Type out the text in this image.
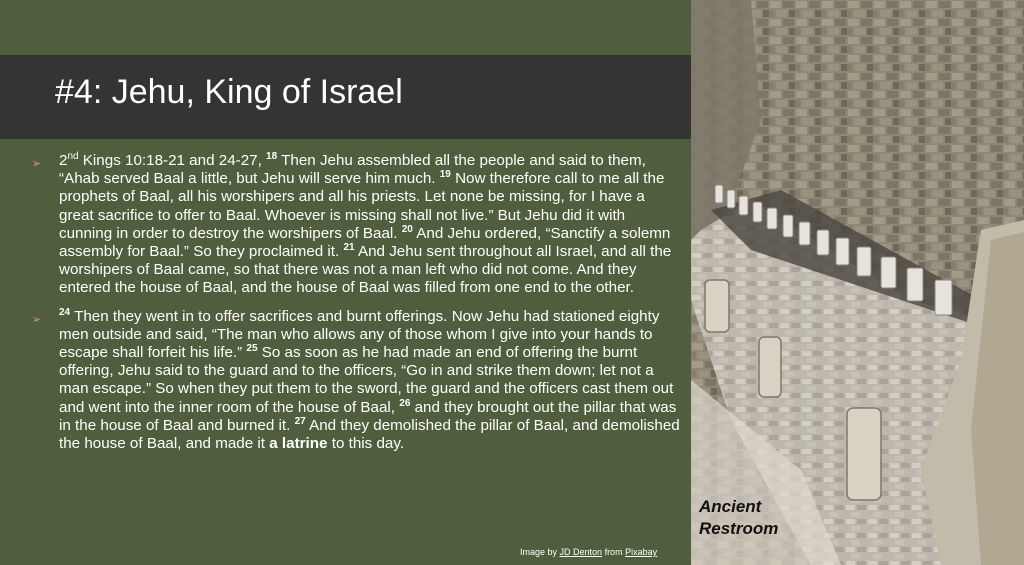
#4: Jehu, King of Israel

➢ 2nd Kings 10:18-21 and 24-27, $^{18}$ Then Jehu assembled all the people and said to them, “Ahab served Baal a little, but Jehu will serve him much. $^{19}$ Now therefore call to me all the prophets of Baal, all his worshipers and all his priests. Let none be missing, for I have a great sacrifice to offer to Baal. Whoever is missing shall not live.” But Jehu did it with cunning in order to destroy the worshipers of Baal. $^{20}$ And Jehu ordered, “Sanctify a solemn assembly for Baal.” So they proclaimed it. $^{21}$ And Jehu sent throughout all Israel, and all the worshipers of Baal came, so that there was not a man left who did not come. And they entered the house of Baal, and the house of Baal was filled from one end to the other.

➢
$^{24}$ Then they went in to offer sacrifices and burnt offerings. Now Jehu had stationed eighty men outside and said, “The man who allows any of those whom I give into your hands to escape shall forfeit his life.” $^{25}$ So as soon as he had made an end of offering the burnt offering, Jehu said to the guard and to the officers, “Go in and strike them down; let not a man escape.” So when they put them to the sword, the guard and the officers cast them out and went into the inner room of the house of Baal, $^{26}$ and they brought out the pillar that was in the house of Baal and burned it. $^{27}$ And they demolished the pillar of Baal, and demolished the house of Baal, and made it a latrine to this day.

Image by JD Denton from Pixabay
Ancient
Restroom
